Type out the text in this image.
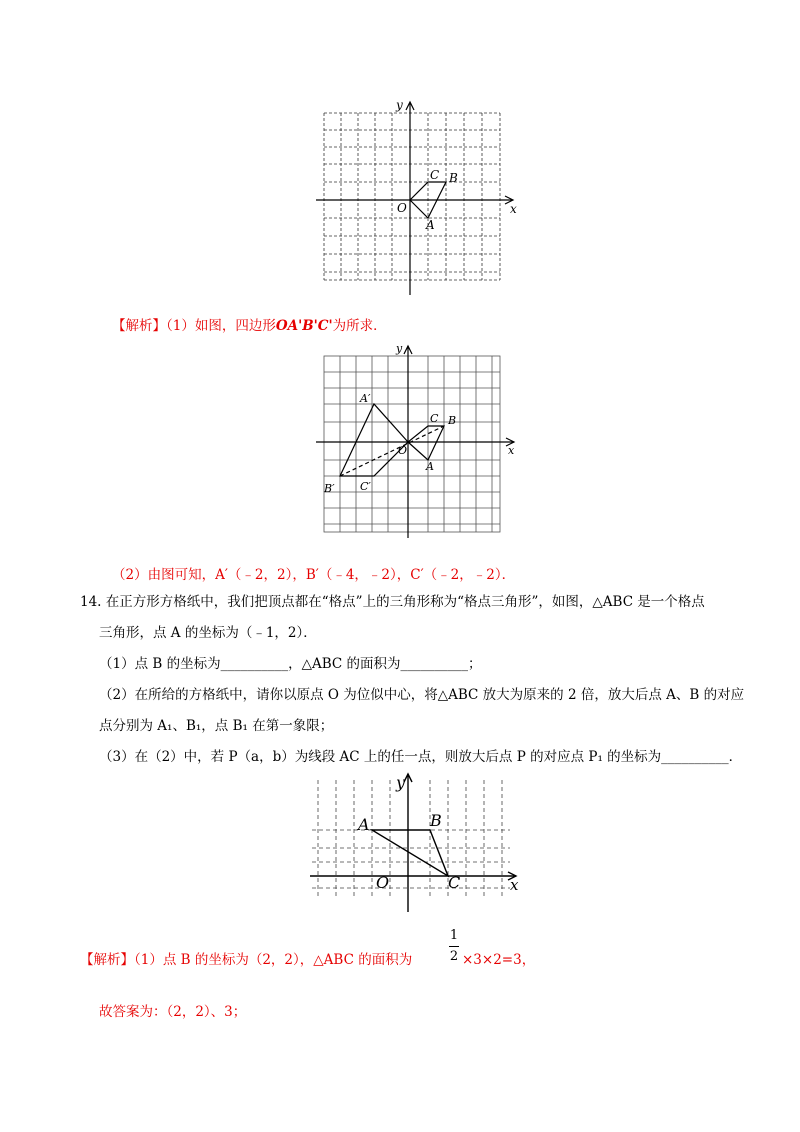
x
y
O
A
B
C
【解析】（1）如图，四边形OA'B'C'为所求．
x
y
O
A
B
C
A′
B′ C′
（2）由图可知，A′（﹣2，2），B′（﹣4，﹣2），C′（﹣2，﹣2）．
14. 在正方形方格纸中，我们把顶点都在“格点”上的三角形称为“格点三角形”，如图，△ABC 是一个格点
三角形，点 A 的坐标为（﹣1，2）．
（1）点 B 的坐标为__________，△ABC 的面积为__________；
（2）在所给的方格纸中，请你以原点 O 为位似中心，将△ABC 放大为原来的 2 倍，放大后点 A、B 的对应
点分别为 A₁、B₁，点 B₁ 在第一象限；
（3）在（2）中，若 P（a，b）为线段 AC 上的任一点，则放大后点 P 的对应点 P₁ 的坐标为__________．
x
y
O
A	B
C
【解析】（1）点 B 的坐标为（2，2），△ABC 的面积为
1
2 ×3×2=3，
故答案为：（2，2）、3；
